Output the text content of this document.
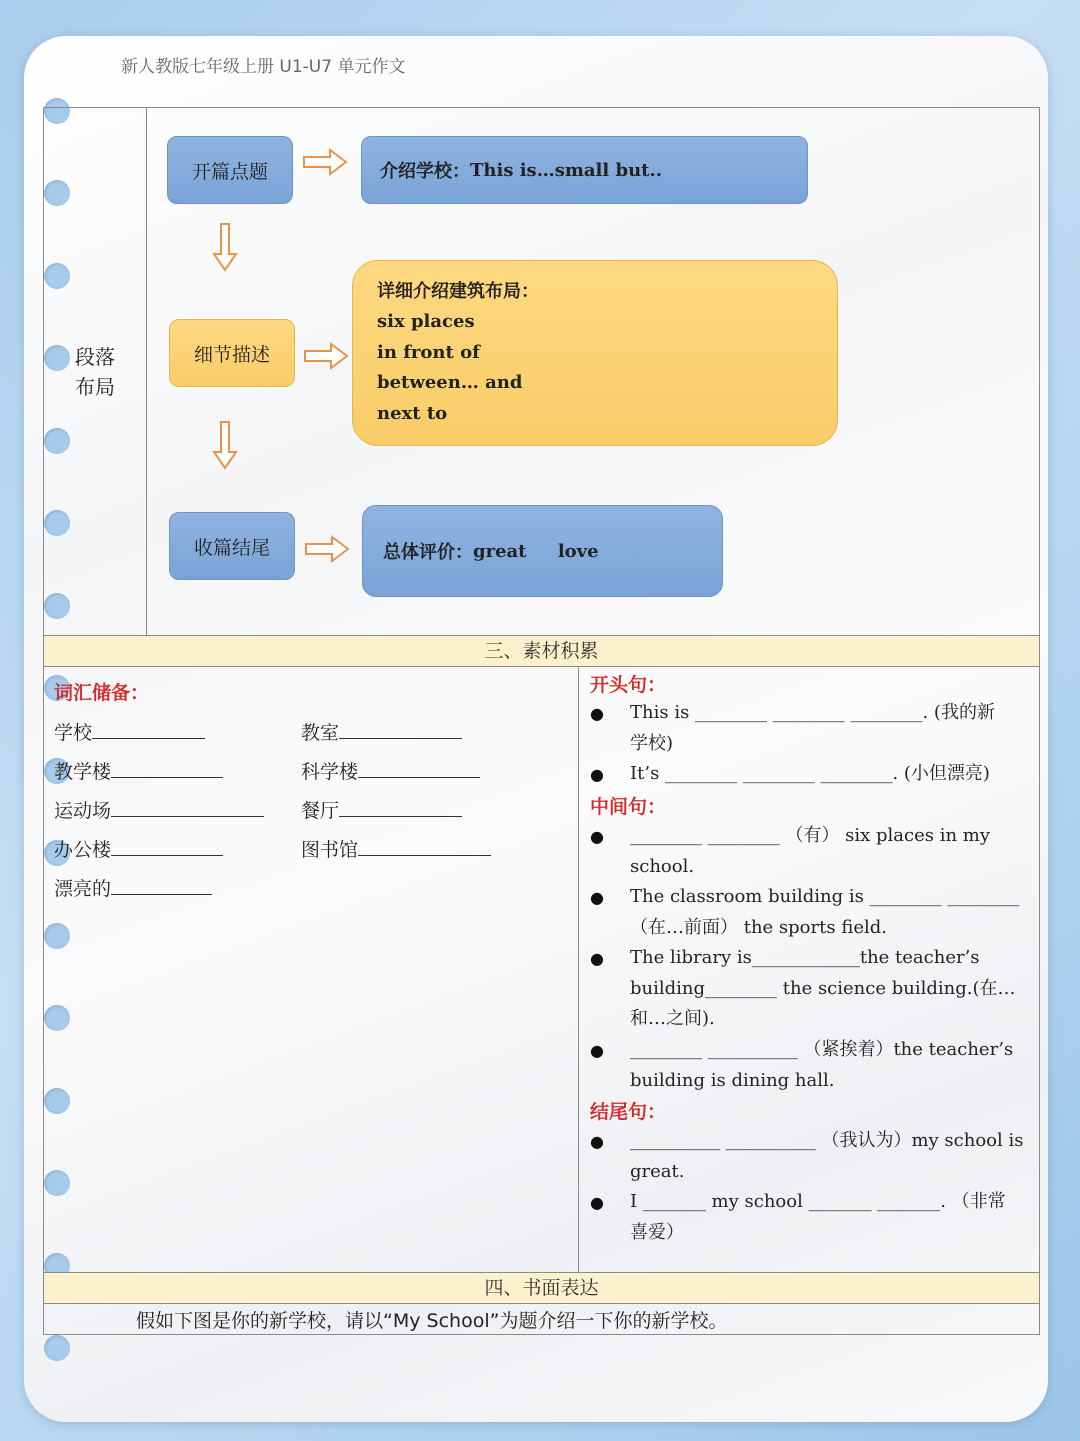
新人教版七年级上册 U1-U7 单元作文
三、素材积累
四、书面表达
段落
布局
开篇点题
细节描述
收篇结尾
介绍学校： This is…small but..
详细介绍建筑布局：
six places
in front of
between… and
next to
总体评价： great     love
词汇储备：
学校	教室
教学楼	科学楼
运动场	餐厅
办公楼	图书馆
漂亮的
开头句：
● This is ________ ________ ________. (我的新
学校)
● It’s ________ ________ ________. (小但漂亮)
中间句：
● ________ ________ （有） six places in my
school.
● The classroom building is ________ ________
（在…前面） the sports field.
● The library is____________the teacher’s
building________ the science building.(在…
和…之间).
● ________ __________ （紧挨着）the teacher’s
building is dining hall.
结尾句：
● __________ __________ （我认为）my school is
great.
● I _______ my school _______ _______. （非常
喜爱）
假如下图是你的新学校，请以“My School”为题介绍一下你的新学校。
